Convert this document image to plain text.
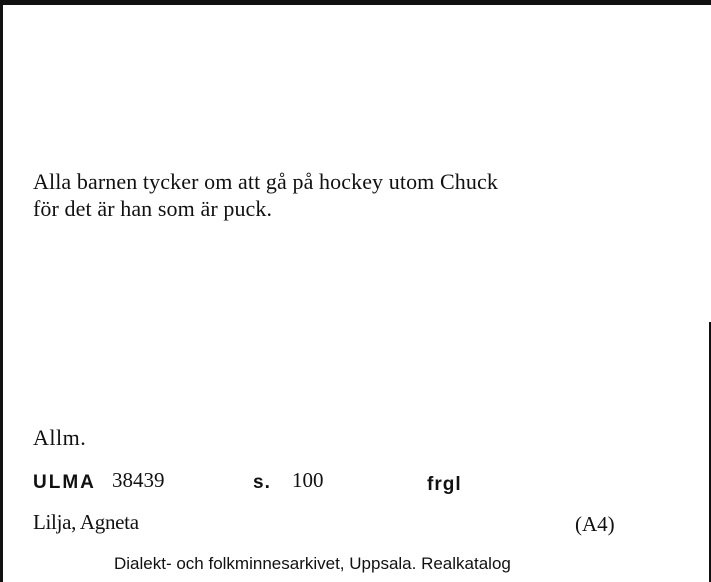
Alla barnen tycker om att gå på hockey utom Chuck
för det är han som är puck.
Allm.
ULMA 38439	s. 100	frgl
Lilja, Agneta	(A4)
Dialekt- och folkminnesarkivet, Uppsala. Realkatalog
